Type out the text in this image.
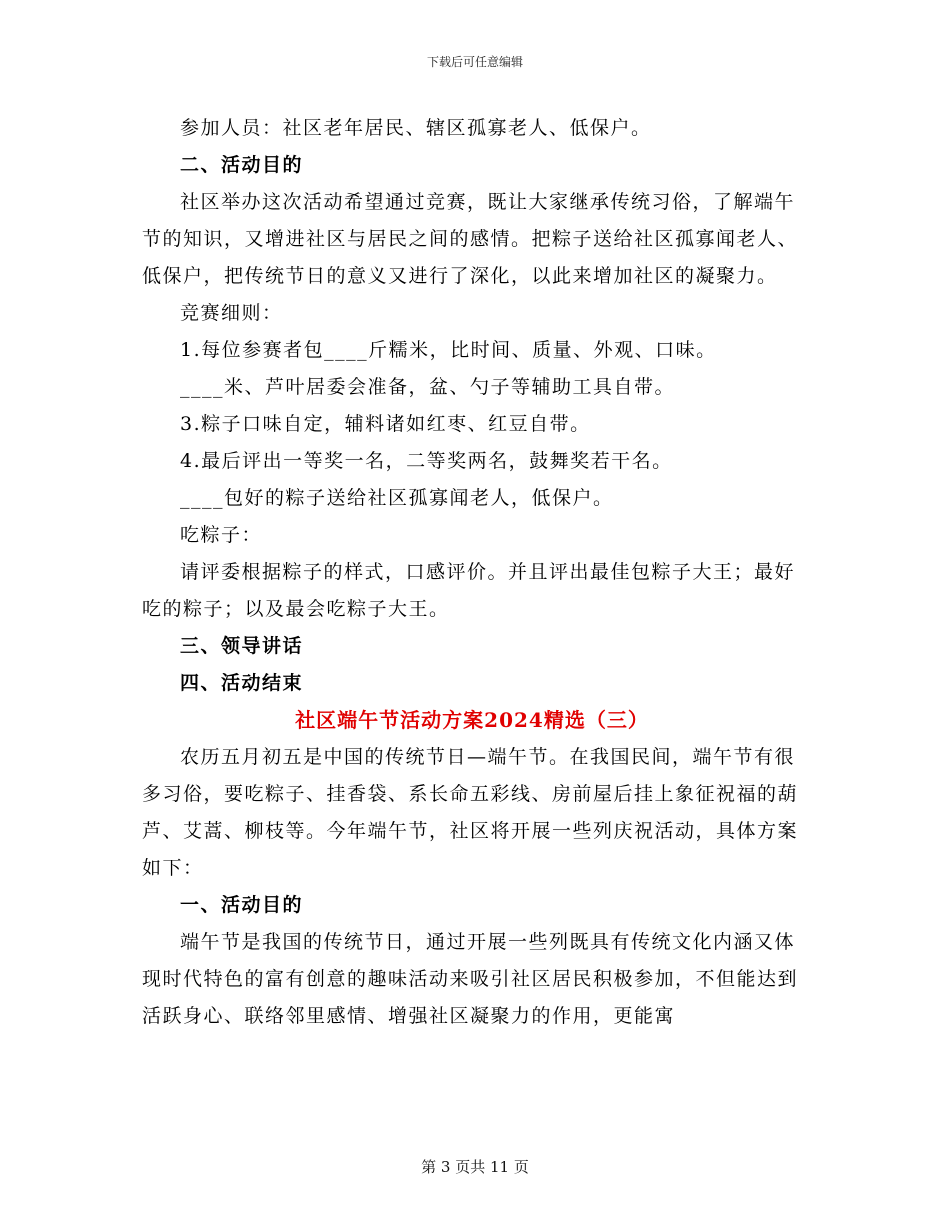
下载后可任意编辑

参加人员：社区老年居民、辖区孤寡老人、低保户。

二、活动目的

社区举办这次活动希望通过竞赛，既让大家继承传统习俗，了解端午节的知识，又增进社区与居民之间的感情。把粽子送给社区孤寡闻老人、低保户，把传统节日的意义又进行了深化，以此来增加社区的凝聚力。

竞赛细则：

1.每位参赛者包____斤糯米，比时间、质量、外观、口味。

____米、芦叶居委会准备，盆、勺子等辅助工具自带。

3.粽子口味自定，辅料诸如红枣、红豆自带。

4.最后评出一等奖一名，二等奖两名，鼓舞奖若干名。

____包好的粽子送给社区孤寡闻老人，低保户。

吃粽子：

请评委根据粽子的样式，口感评价。并且评出最佳包粽子大王；最好吃的粽子；以及最会吃粽子大王。

三、领导讲话

四、活动结束

社区端午节活动方案2024精选（三）

农历五月初五是中国的传统节日—端午节。在我国民间，端午节有很多习俗，要吃粽子、挂香袋、系长命五彩线、房前屋后挂上象征祝福的葫芦、艾蒿、柳枝等。今年端午节，社区将开展一些列庆祝活动，具体方案如下：

一、活动目的

端午节是我国的传统节日，通过开展一些列既具有传统文化内涵又体现时代特色的富有创意的趣味活动来吸引社区居民积极参加，不但能达到活跃身心、联络邻里感情、增强社区凝聚力的作用，更能寓

第 3 页共 11 页
